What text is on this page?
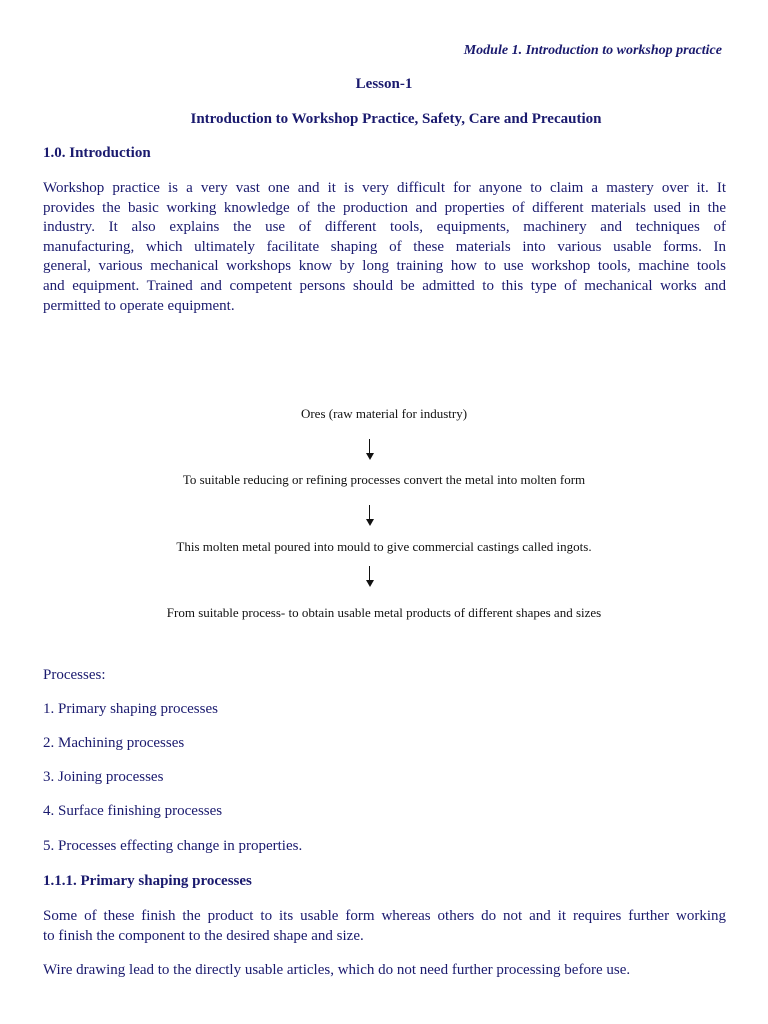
Module 1. Introduction to workshop practice
Lesson-1
Introduction to Workshop Practice, Safety, Care and Precaution
1.0. Introduction
Workshop practice is a very vast one and it is very difficult for anyone to claim a mastery over it. It
provides the basic working knowledge of the production and properties of different materials used in the
industry. It also explains the use of different tools, equipments, machinery and techniques of
manufacturing, which ultimately facilitate shaping of these materials into various usable forms. In
general, various mechanical workshops know by long training how to use workshop tools, machine tools
and equipment. Trained and competent persons should be admitted to this type of mechanical works and
permitted to operate equipment.
Ores (raw material for industry)
To suitable reducing or refining processes convert the metal into molten form
This molten metal poured into mould to give commercial castings called ingots.
From suitable process- to obtain usable metal products of different shapes and sizes
Processes:
1. Primary shaping processes
2. Machining processes
3. Joining processes
4. Surface finishing processes
5. Processes effecting change in properties.
1.1.1. Primary shaping processes
Some of these finish the product to its usable form whereas others do not and it requires further working
to finish the component to the desired shape and size.
Wire drawing lead to the directly usable articles, which do not need further processing before use.
